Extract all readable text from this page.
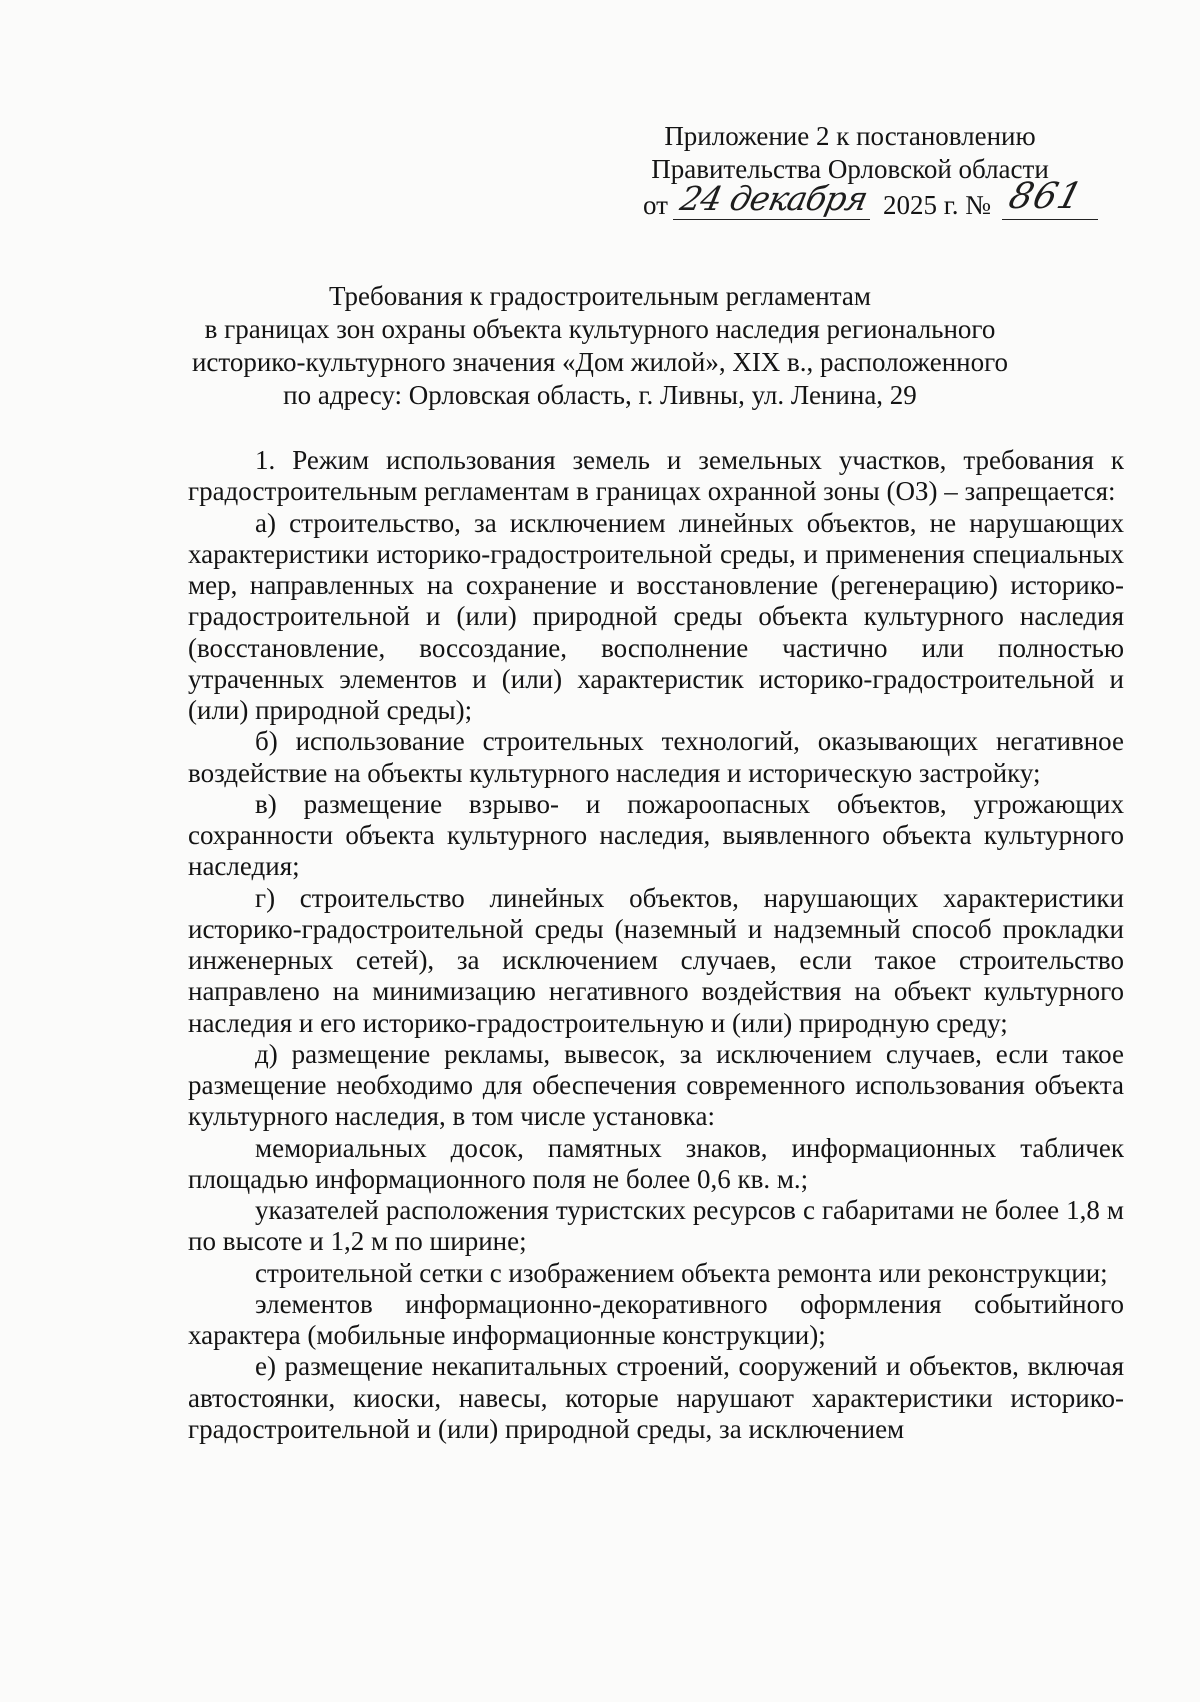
Приложение 2 к постановлению
Правительства Орловской области
от 24 декабря 2025 г. № 861
Требования к градостроительным регламентам
в границах зон охраны объекта культурного наследия регионального
историко-культурного значения «Дом жилой», XIX в., расположенного
по адресу: Орловская область, г. Ливны, ул. Ленина, 29

1. Режим использования земель и земельных участков, требования к градостроительным регламентам в границах охранной зоны (ОЗ) – запрещается:

а) строительство, за исключением линейных объектов, не нарушающих характеристики историко-градостроительной среды, и применения специальных мер, направленных на сохранение и восстановление (регенерацию) историко-градостроительной и (или) природной среды объекта культурного наследия (восстановление, воссоздание, восполнение частично или полностью утраченных элементов и (или) характеристик историко-градостроительной и (или) природной среды);

б) использование строительных технологий, оказывающих негативное воздействие на объекты культурного наследия и историческую застройку;

в) размещение взрыво- и пожароопасных объектов, угрожающих сохранности объекта культурного наследия, выявленного объекта культурного наследия;

г) строительство линейных объектов, нарушающих характеристики историко-градостроительной среды (наземный и надземный способ прокладки инженерных сетей), за исключением случаев, если такое строительство направлено на минимизацию негативного воздействия на объект культурного наследия и его историко-градостроительную и (или) природную среду;

д) размещение рекламы, вывесок, за исключением случаев, если такое размещение необходимо для обеспечения современного использования объекта культурного наследия, в том числе установка:

мемориальных досок, памятных знаков, информационных табличек площадью информационного поля не более 0,6 кв. м.;

указателей расположения туристских ресурсов с габаритами не более 1,8 м по высоте и 1,2 м по ширине;

строительной сетки с изображением объекта ремонта или реконструкции;

элементов информационно-декоративного оформления событийного характера (мобильные информационные конструкции);

е) размещение некапитальных строений, сооружений и объектов, включая автостоянки, киоски, навесы, которые нарушают характеристики историко-градостроительной и (или) природной среды, за исключением
